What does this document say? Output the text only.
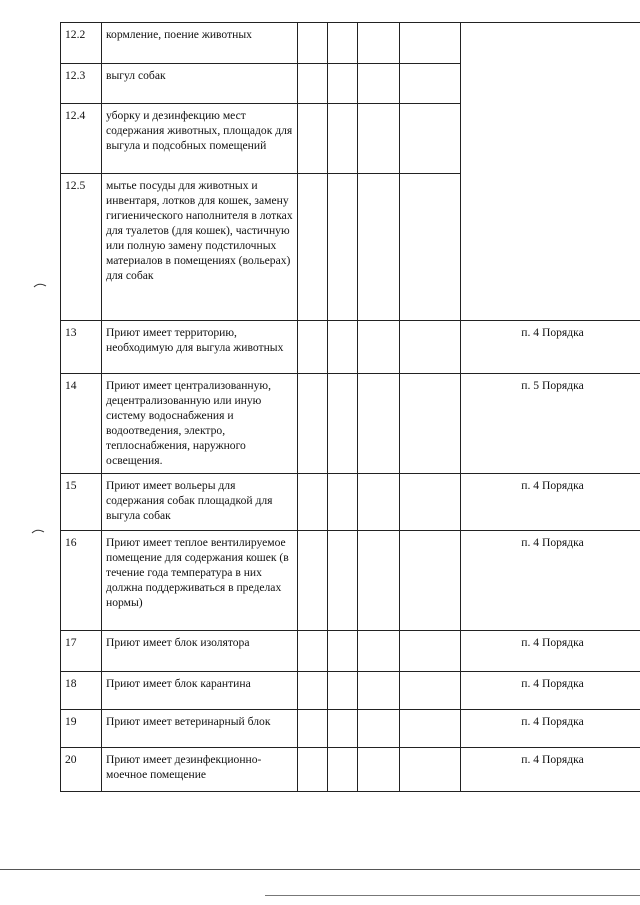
12.2	кормление, поение животных					
12.3	выгул собак					
12.4	уборку и дезинфекцию мест содержания животных, площадок для выгула и подсобных помещений					
12.5	мытье посуды для животных и инвентаря, лотков для кошек, замену гигиенического наполнителя в лотках для туалетов (для кошек), частичную или полную замену подстилочных материалов в помещениях (вольерах) для собак					
13	Приют имеет территорию, необходимую для выгула животных					п. 4 Порядка
14	Приют имеет централизованную, децентрализованную или иную систему водоснабжения и водоотведения, электро, теплоснабжения, наружного освещения.					п. 5 Порядка
15	Приют имеет вольеры для содержания собак площадкой для выгула собак					п. 4 Порядка
16	Приют имеет теплое вентилируемое помещение для содержания кошек (в течение года температура в них должна поддерживаться в пределах нормы)					п. 4 Порядка
17	Приют имеет блок изолятора					п. 4 Порядка
18	Приют имеет блок карантина					п. 4 Порядка
19	Приют имеет ветеринарный блок					п. 4 Порядка
20	Приют имеет дезинфекционно-моечное помещение					п. 4 Порядка
